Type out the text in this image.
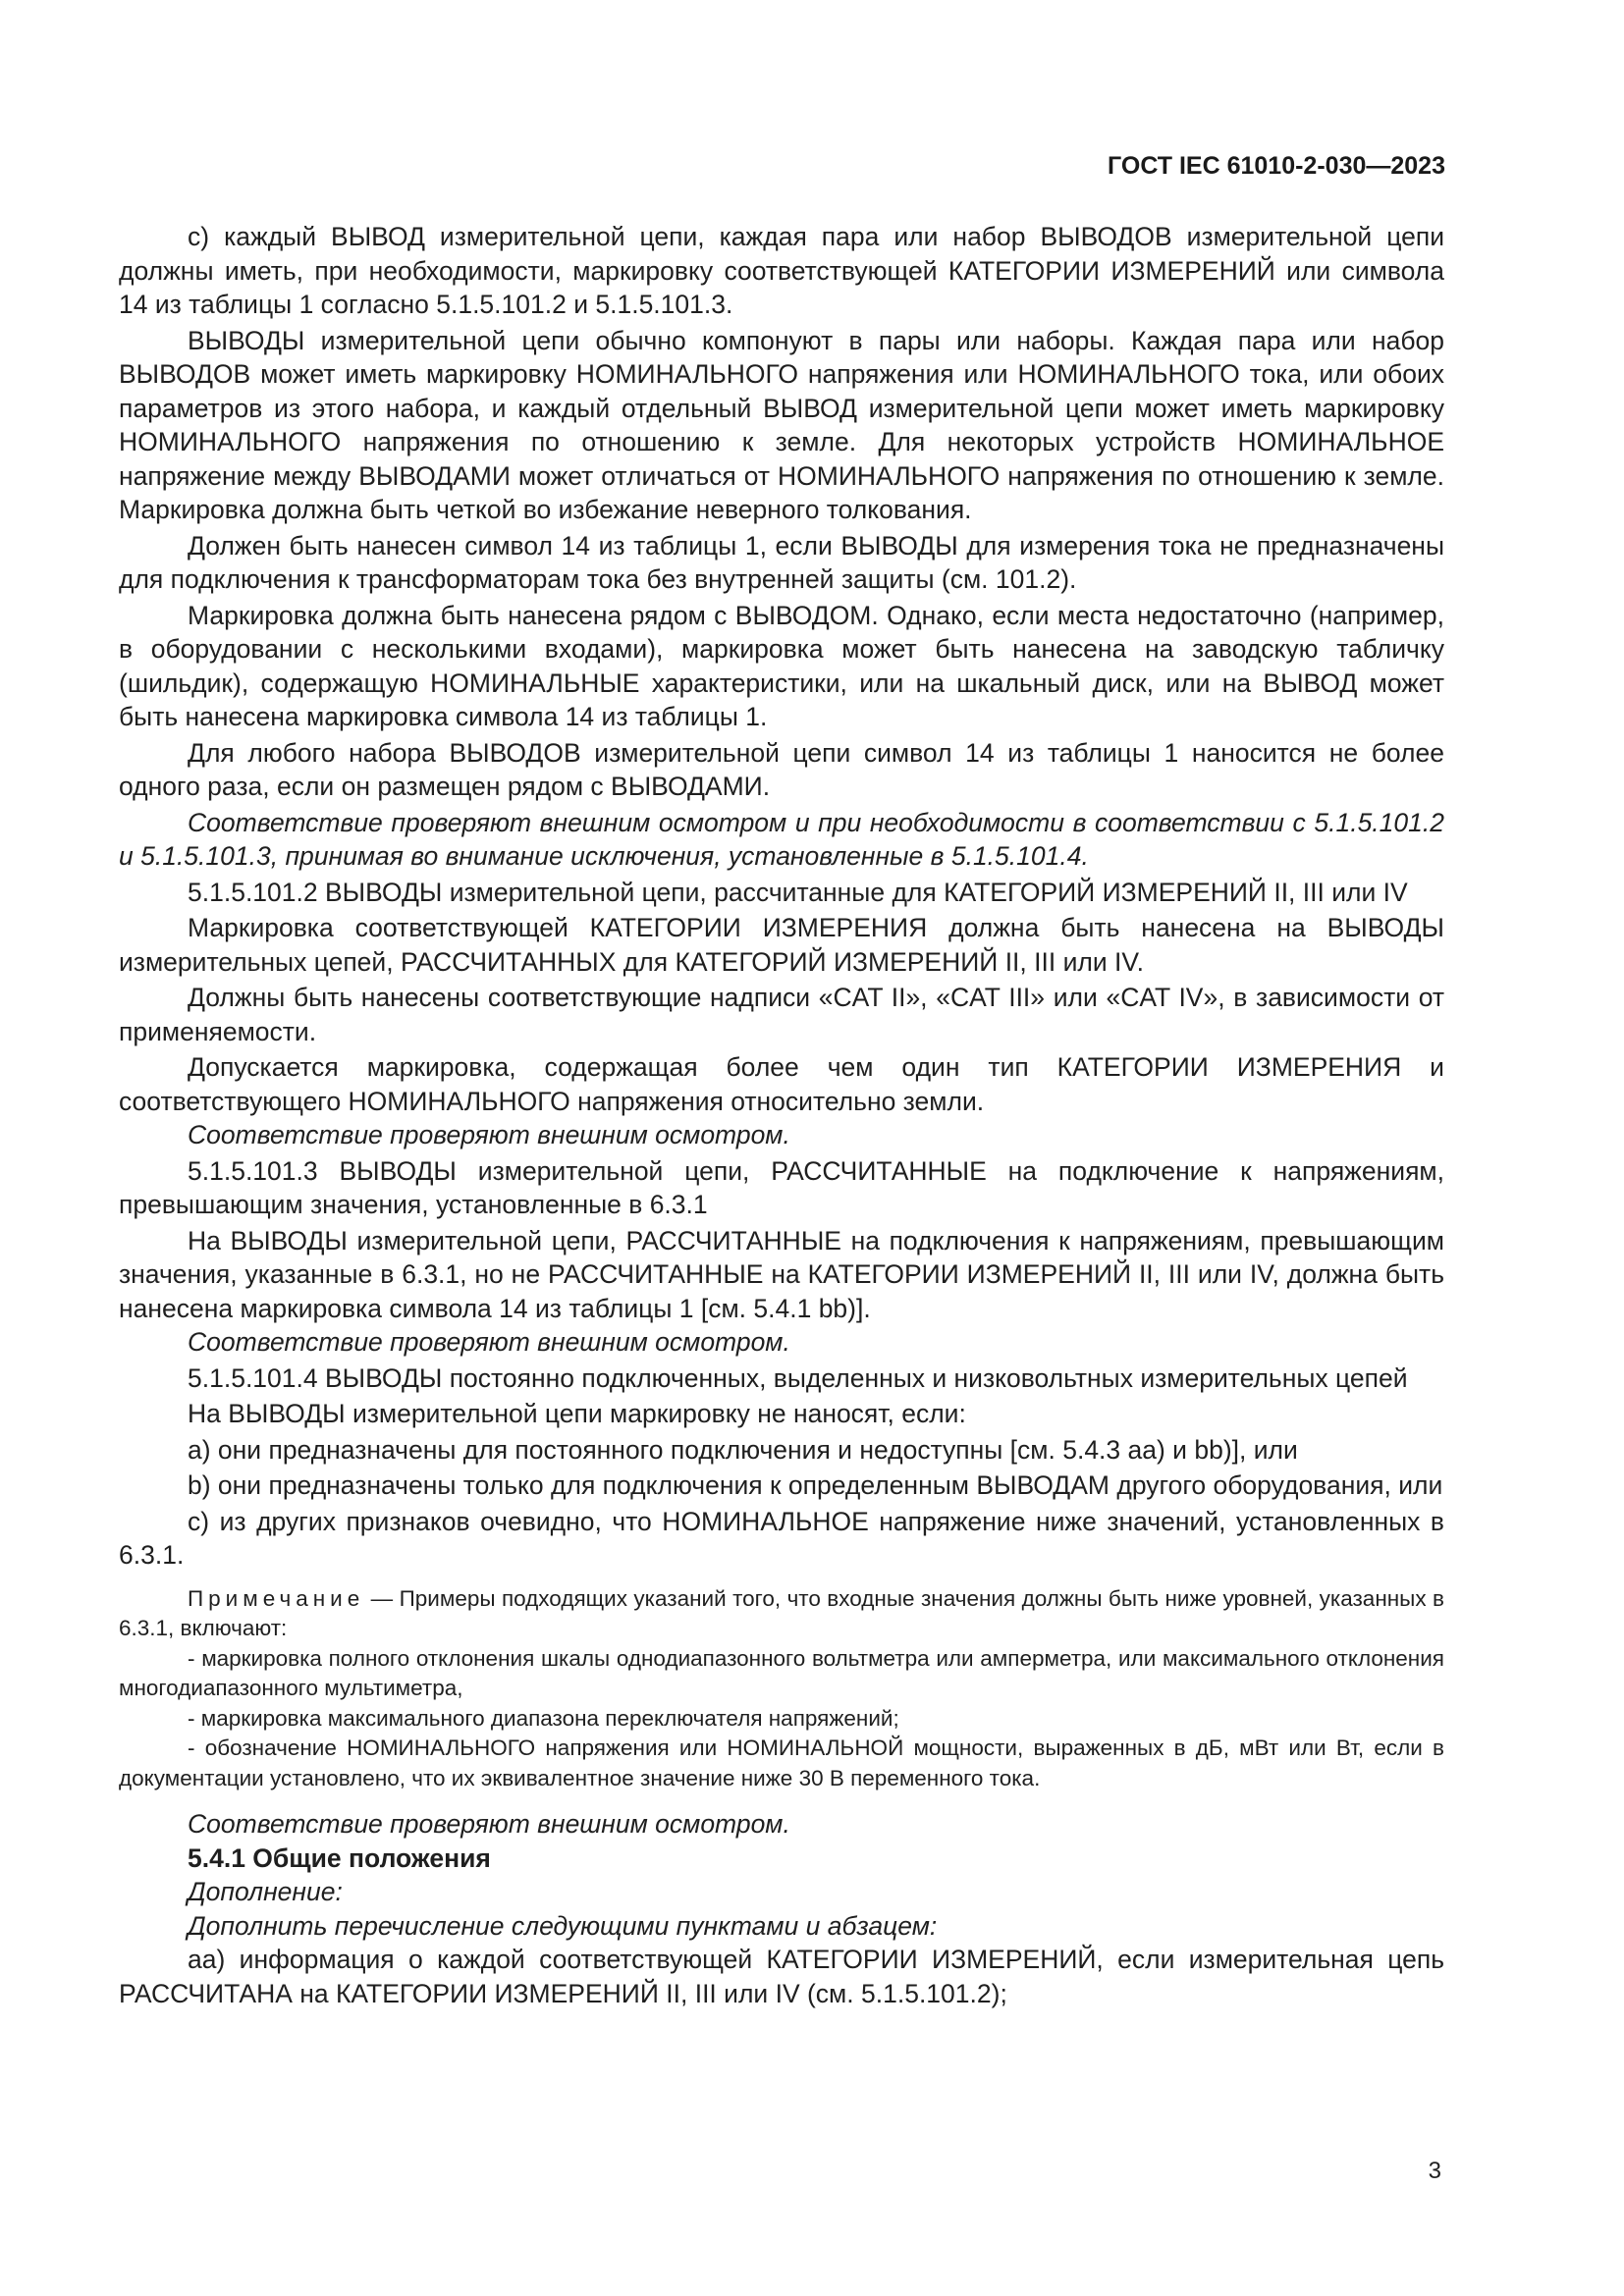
ГОСТ IEC 61010-2-030—2023

c) каждый ВЫВОД измерительной цепи, каждая пара или набор ВЫВОДОВ измерительной цепи должны иметь, при необходимости, маркировку соответствующей КАТЕГОРИИ ИЗМЕРЕНИЙ или символа 14 из таблицы 1 согласно 5.1.5.101.2 и 5.1.5.101.3.

ВЫВОДЫ измерительной цепи обычно компонуют в пары или наборы. Каждая пара или набор ВЫВОДОВ может иметь маркировку НОМИНАЛЬНОГО напряжения или НОМИНАЛЬНОГО тока, или обоих параметров из этого набора, и каждый отдельный ВЫВОД измерительной цепи может иметь маркировку НОМИНАЛЬНОГО напряжения по отношению к земле. Для некоторых устройств НОМИНАЛЬНОЕ напряжение между ВЫВОДАМИ может отличаться от НОМИНАЛЬНОГО напряжения по отношению к земле. Маркировка должна быть четкой во избежание неверного толкования.

Должен быть нанесен символ 14 из таблицы 1, если ВЫВОДЫ для измерения тока не предназначены для подключения к трансформаторам тока без внутренней защиты (см. 101.2).

Маркировка должна быть нанесена рядом с ВЫВОДОМ. Однако, если места недостаточно (например, в оборудовании с несколькими входами), маркировка может быть нанесена на заводскую табличку (шильдик), содержащую НОМИНАЛЬНЫЕ характеристики, или на шкальный диск, или на ВЫВОД может быть нанесена маркировка символа 14 из таблицы 1.

Для любого набора ВЫВОДОВ измерительной цепи символ 14 из таблицы 1 наносится не более одного раза, если он размещен рядом с ВЫВОДАМИ.

Соответствие проверяют внешним осмотром и при необходимости в соответствии с 5.1.5.101.2 и 5.1.5.101.3, принимая во внимание исключения, установленные в 5.1.5.101.4.

5.1.5.101.2 ВЫВОДЫ измерительной цепи, рассчитанные для КАТЕГОРИЙ ИЗМЕРЕНИЙ II, III или IV

Маркировка соответствующей КАТЕГОРИИ ИЗМЕРЕНИЯ должна быть нанесена на ВЫВОДЫ измерительных цепей, РАССЧИТАННЫХ для КАТЕГОРИЙ ИЗМЕРЕНИЙ II, III или IV.

Должны быть нанесены соответствующие надписи «CAT II», «CAT III» или «CAT IV», в зависимости от применяемости.

Допускается маркировка, содержащая более чем один тип КАТЕГОРИИ ИЗМЕРЕНИЯ и соответствующего НОМИНАЛЬНОГО напряжения относительно земли.

Соответствие проверяют внешним осмотром.

5.1.5.101.3 ВЫВОДЫ измерительной цепи, РАССЧИТАННЫЕ на подключение к напряжениям, превышающим значения, установленные в 6.3.1

На ВЫВОДЫ измерительной цепи, РАССЧИТАННЫЕ на подключения к напряжениям, превышающим значения, указанные в 6.3.1, но не РАССЧИТАННЫЕ на КАТЕГОРИИ ИЗМЕРЕНИЙ II, III или IV, должна быть нанесена маркировка символа 14 из таблицы 1 [см. 5.4.1 bb)].

Соответствие проверяют внешним осмотром.

5.1.5.101.4 ВЫВОДЫ постоянно подключенных, выделенных и низковольтных измерительных цепей

На ВЫВОДЫ измерительной цепи маркировку не наносят, если:

a) они предназначены для постоянного подключения и недоступны [см. 5.4.3 aa) и bb)], или

b) они предназначены только для подключения к определенным ВЫВОДАМ другого оборудования, или

c) из других признаков очевидно, что НОМИНАЛЬНОЕ напряжение ниже значений, установленных в 6.3.1.

Примечание — Примеры подходящих указаний того, что входные значения должны быть ниже уровней, указанных в 6.3.1, включают:

- маркировка полного отклонения шкалы однодиапазонного вольтметра или амперметра, или максимального отклонения многодиапазонного мультиметра,

- маркировка максимального диапазона переключателя напряжений;

- обозначение НОМИНАЛЬНОГО напряжения или НОМИНАЛЬНОЙ мощности, выраженных в дБ, мВт или Вт, если в документации установлено, что их эквивалентное значение ниже 30 В переменного тока.

Соответствие проверяют внешним осмотром.

5.4.1 Общие положения

Дополнение:

Дополнить перечисление следующими пунктами и абзацем:

aa) информация о каждой соответствующей КАТЕГОРИИ ИЗМЕРЕНИЙ, если измерительная цепь РАССЧИТАНА на КАТЕГОРИИ ИЗМЕРЕНИЙ II, III или IV (см. 5.1.5.101.2);

3
